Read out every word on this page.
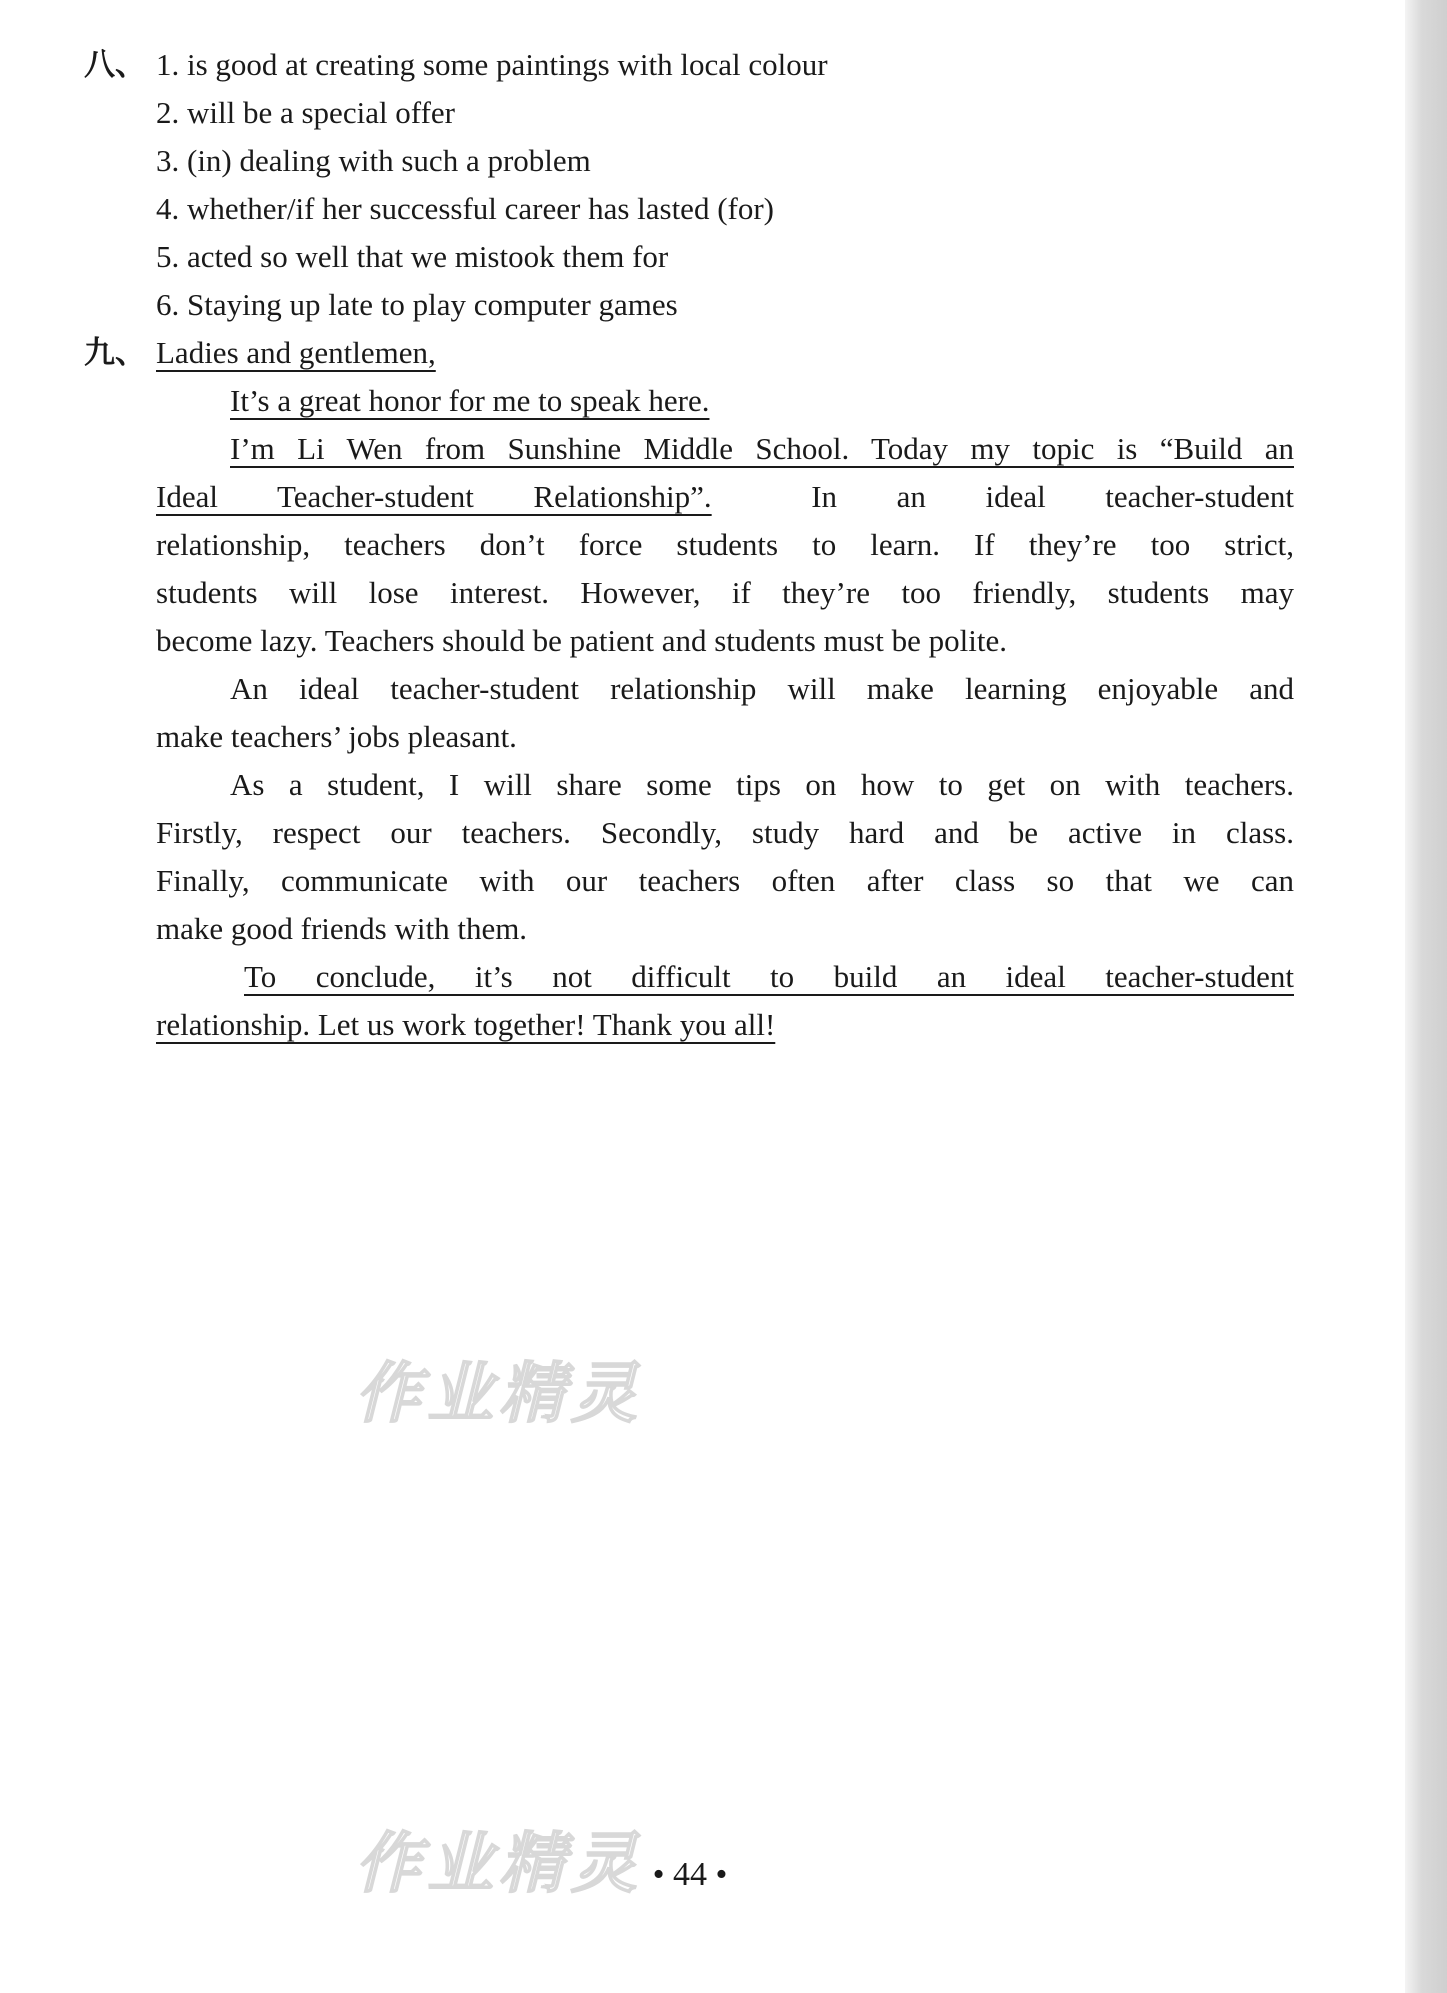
八、 1. is good at creating some paintings with local colour
2. will be a special offer
3. (in) dealing with such a problem
4. whether/if her successful career has lasted (for)
5. acted so well that we mistook them for
6. Staying up late to play computer games
九、 Ladies and gentlemen,
It’s a great honor for me to speak here.
I’m Li Wen from Sunshine Middle School. Today my topic is “Build an
Ideal Teacher-student Relationship”.	In an ideal teacher-student
relationship, teachers don’t force students to learn. If they’re too strict,
students will lose interest. However, if they’re too friendly, students may
become lazy. Teachers should be patient and students must be polite.
An ideal teacher-student relationship will make learning enjoyable and
make teachers’ jobs pleasant.
As a student, I will share some tips on how to get on with teachers.
Firstly, respect our teachers. Secondly, study hard and be active in class.
Finally, communicate with our teachers often after class so that we can
make good friends with them.
To conclude, it’s not difficult to build an ideal teacher-student
relationship. Let us work together! Thank you all!
作业精灵
作业精灵 • 44 •
